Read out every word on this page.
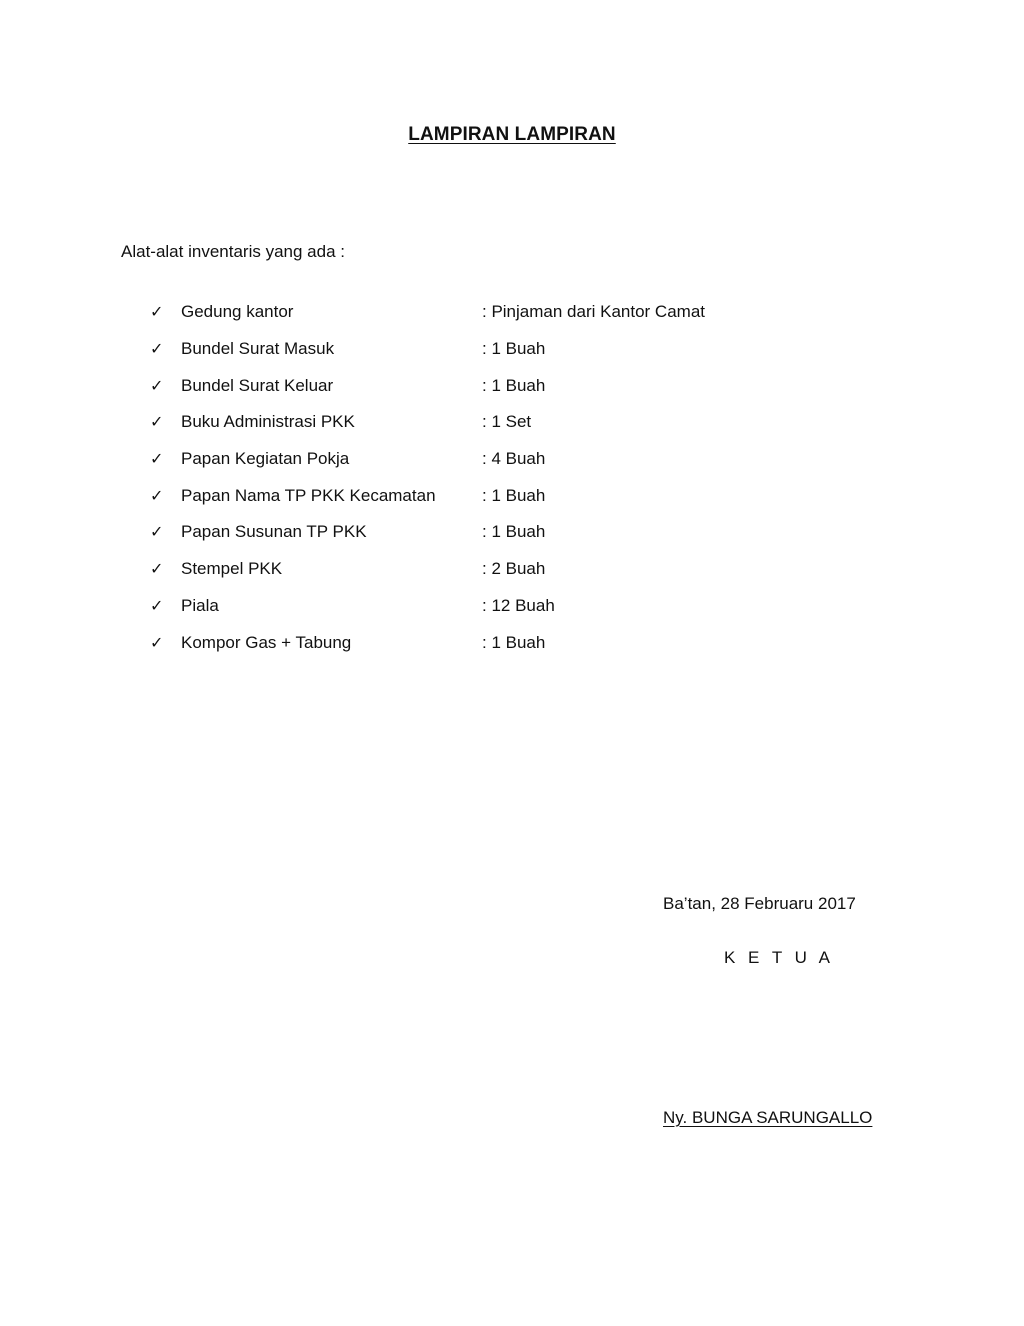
LAMPIRAN LAMPIRAN
Alat-alat inventaris yang ada :
✓	Gedung kantor	: Pinjaman dari Kantor Camat
✓	Bundel Surat Masuk	: 1 Buah
✓	Bundel Surat Keluar	: 1 Buah
✓	Buku Administrasi PKK	: 1 Set
✓	Papan Kegiatan Pokja	: 4 Buah
✓	Papan Nama TP PKK Kecamatan	: 1 Buah
✓	Papan Susunan TP PKK	: 1 Buah
✓	Stempel PKK	: 2 Buah
✓	Piala	: 12 Buah
✓	Kompor Gas + Tabung	: 1 Buah
Ba’tan, 28 Februaru 2017
K E T U A
Ny. BUNGA SARUNGALLO
